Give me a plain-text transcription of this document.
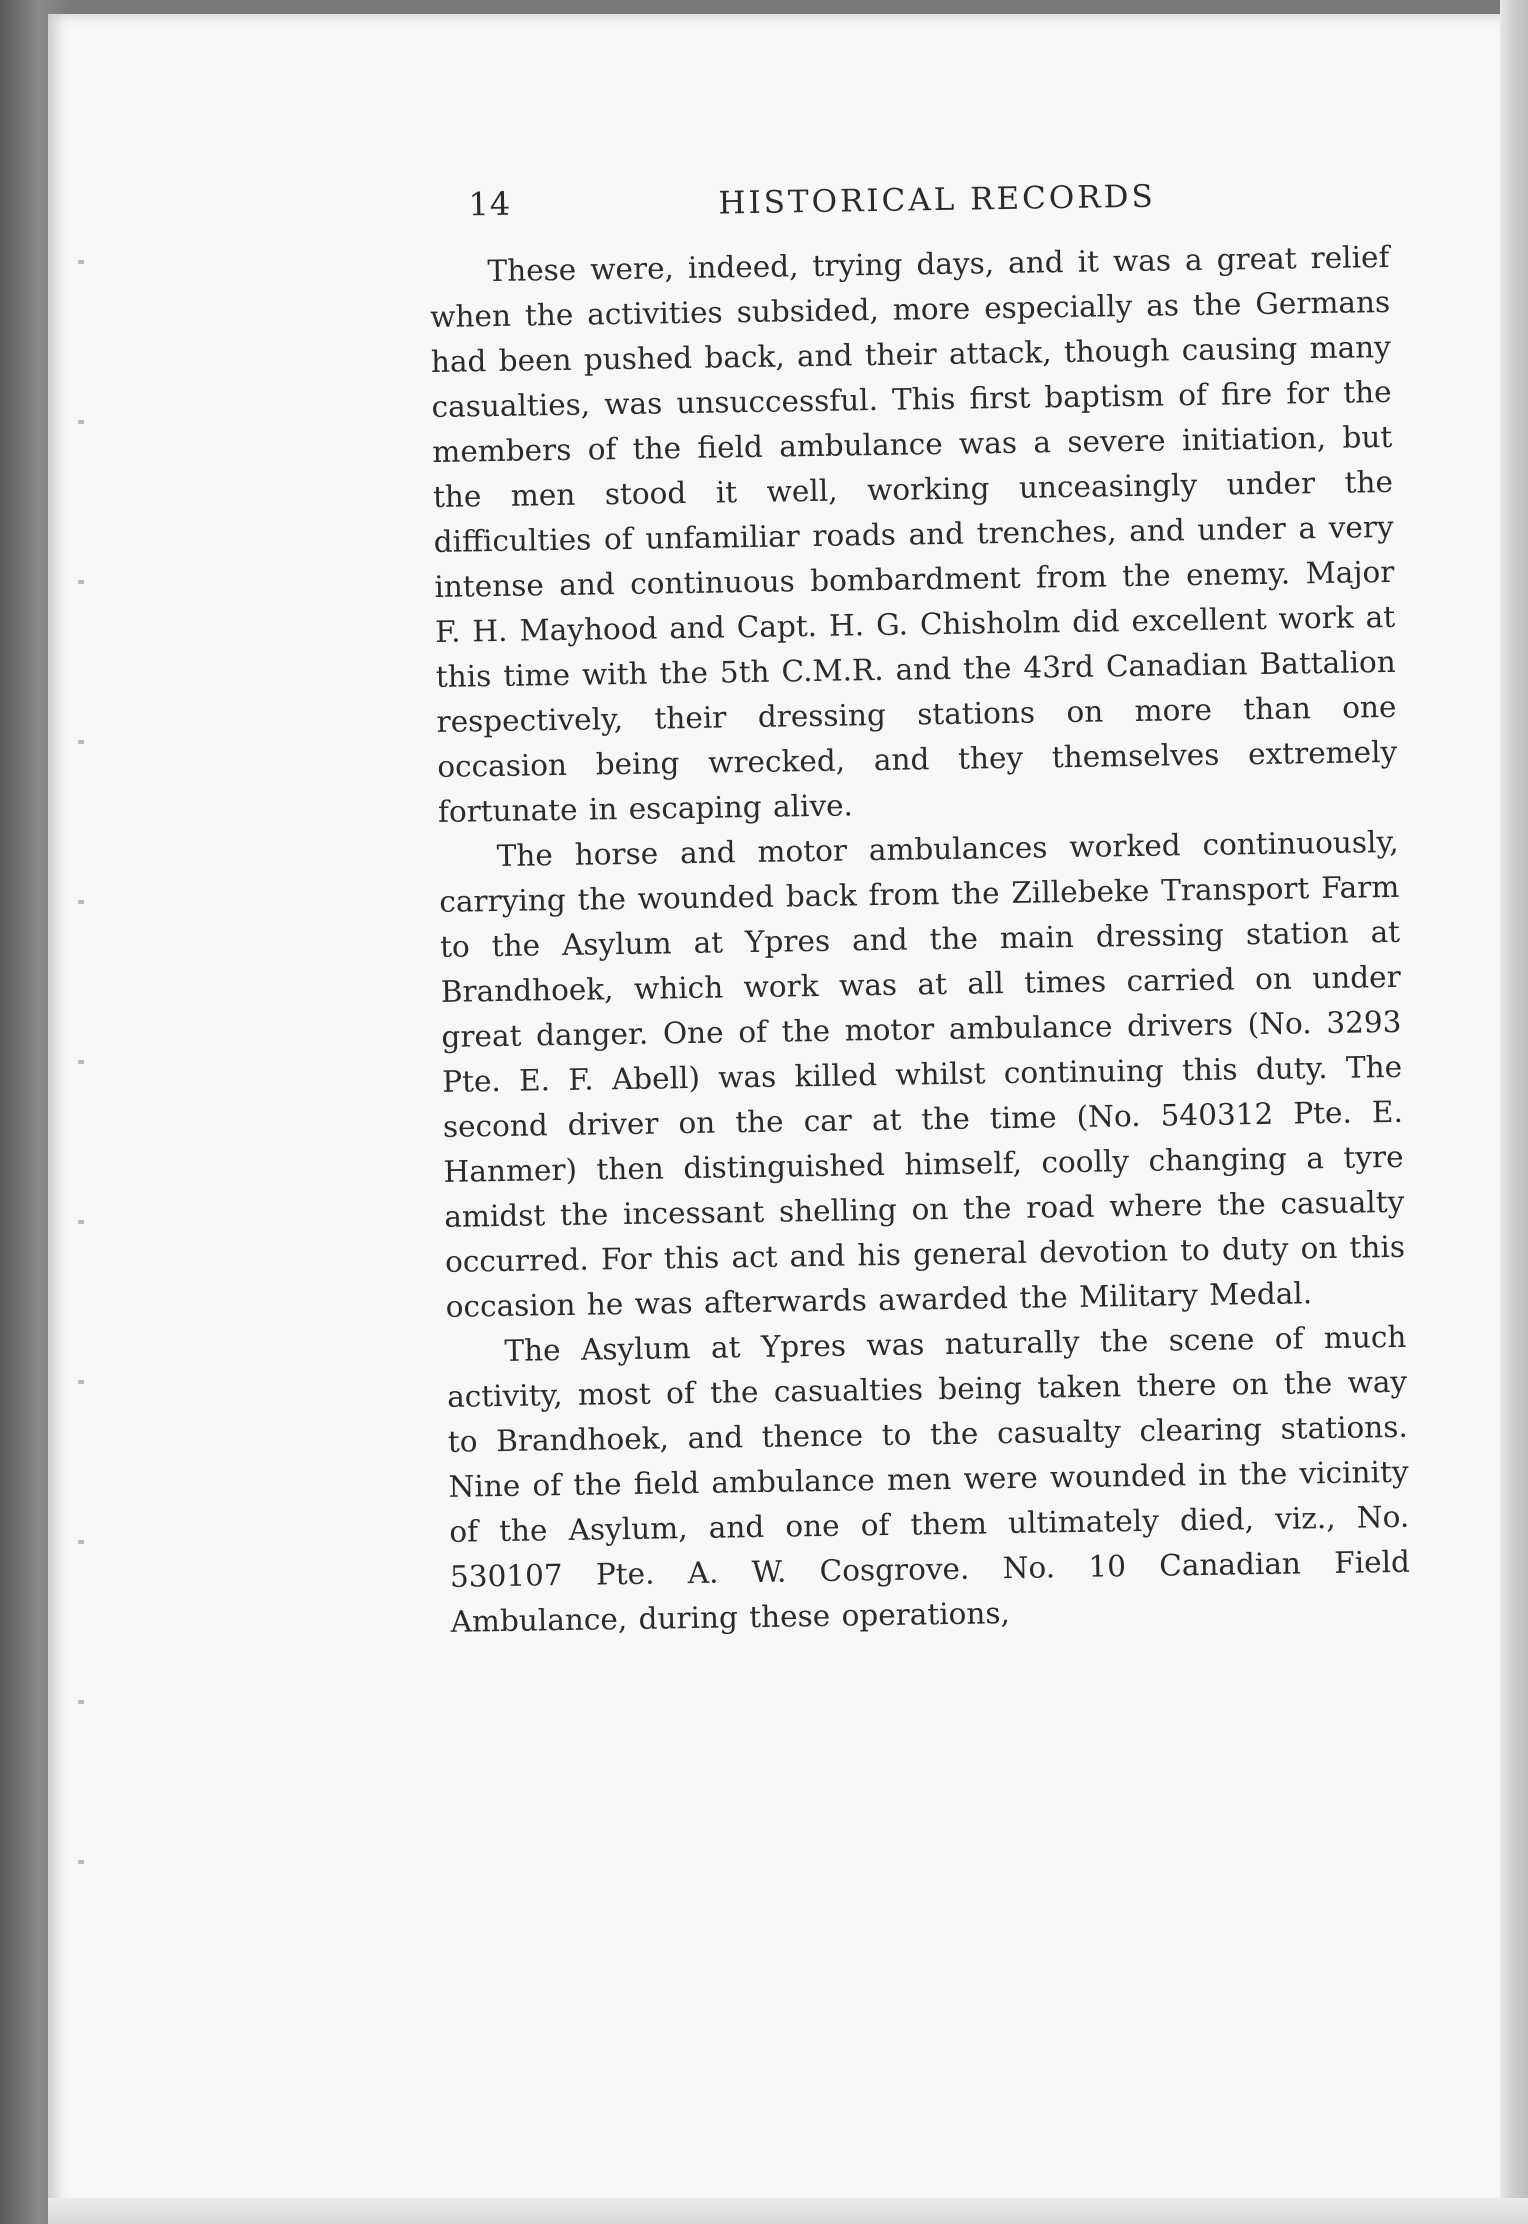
14	HISTORICAL RECORDS

These were, indeed, trying days, and it was a great relief when the activities subsided, more especially as the Germans had been pushed back, and their attack, though causing many casualties, was unsuccessful. This first baptism of fire for the members of the field ambulance was a severe initiation, but the men stood it well, working unceasingly under the difficulties of unfamiliar roads and trenches, and under a very intense and continuous bombardment from the enemy. Major F. H. Mayhood and Capt. H. G. Chisholm did excellent work at this time with the 5th C.M.R. and the 43rd Canadian Battalion respectively, their dressing stations on more than one occasion being wrecked, and they themselves extremely fortunate in escaping alive.

The horse and motor ambulances worked continuously, carrying the wounded back from the Zillebeke Transport Farm to the Asylum at Ypres and the main dressing station at Brandhoek, which work was at all times carried on under great danger. One of the motor ambulance drivers (No. 3293 Pte. E. F. Abell) was killed whilst continuing this duty. The second driver on the car at the time (No. 540312 Pte. E. Hanmer) then distinguished himself, coolly changing a tyre amidst the incessant shelling on the road where the casualty occurred. For this act and his general devotion to duty on this occasion he was afterwards awarded the Military Medal.

The Asylum at Ypres was naturally the scene of much activity, most of the casualties being taken there on the way to Brandhoek, and thence to the casualty clearing stations. Nine of the field ambulance men were wounded in the vicinity of the Asylum, and one of them ultimately died, viz., No. 530107 Pte. A. W. Cosgrove. No. 10 Canadian Field Ambulance, during these operations,
